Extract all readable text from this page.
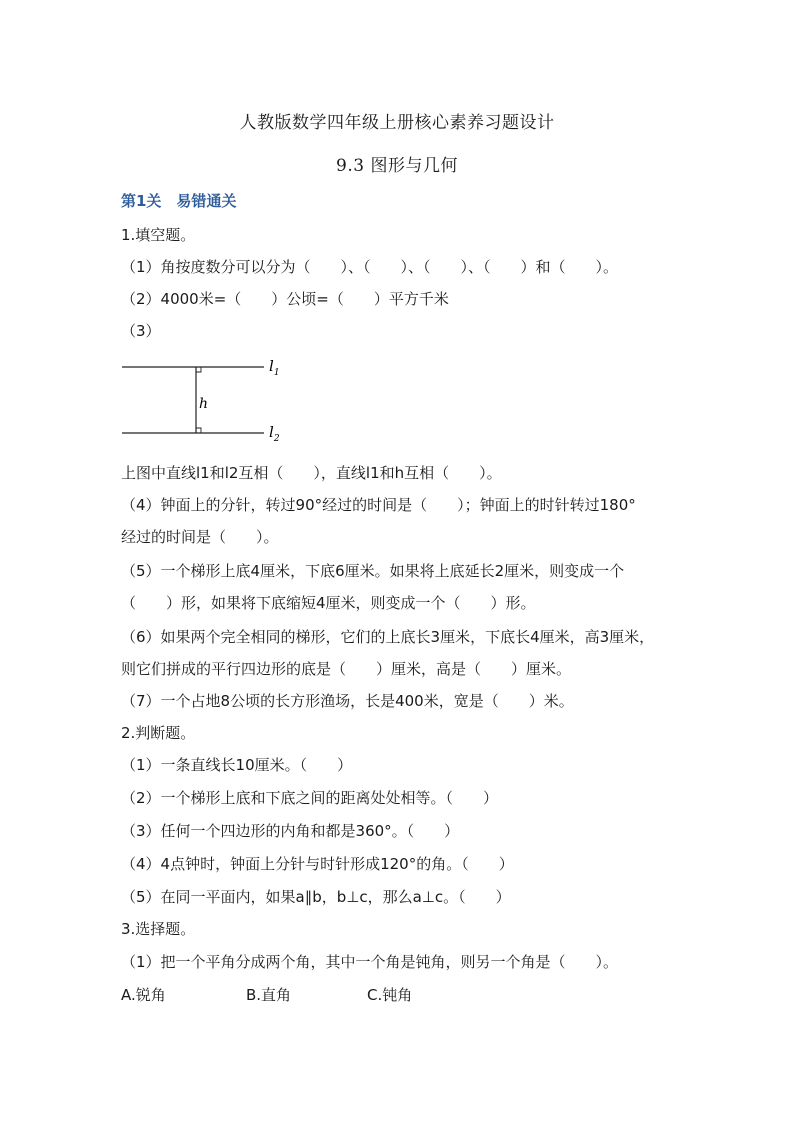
人教版数学四年级上册核心素养习题设计
9.3 图形与几何
第1关　易错通关
1.填空题。
（1）角按度数分可以分为（　　）、（　　）、（　　）、（　　）和（　　）。
（2）4000米=（　　）公顷=（　　）平方千米
（3）
$l_1$
$l_2$
h
上图中直线l1和l2互相（　　），直线l1和h互相（　　）。
（4）钟面上的分针，转过90°经过的时间是（　　）；钟面上的时针转过180°
经过的时间是（　　）。
（5）一个梯形上底4厘米，下底6厘米。如果将上底延长2厘米，则变成一个
（　　）形，如果将下底缩短4厘米，则变成一个（　　）形。
（6）如果两个完全相同的梯形，它们的上底长3厘米，下底长4厘米，高3厘米，
则它们拼成的平行四边形的底是（　　）厘米，高是（　　）厘米。
（7）一个占地8公顷的长方形渔场，长是400米，宽是（　　）米。
2.判断题。
（1）一条直线长10厘米。（　　）
（2）一个梯形上底和下底之间的距离处处相等。（　　）
（3）任何一个四边形的内角和都是360°。（　　）
（4）4点钟时，钟面上分针与时针形成120°的角。（　　）
（5）在同一平面内，如果a∥b，b⊥c，那么a⊥c。（　　）
3.选择题。
（1）把一个平角分成两个角，其中一个角是钝角，则另一个角是（　　）。
A.锐角	B.直角	C.钝角
